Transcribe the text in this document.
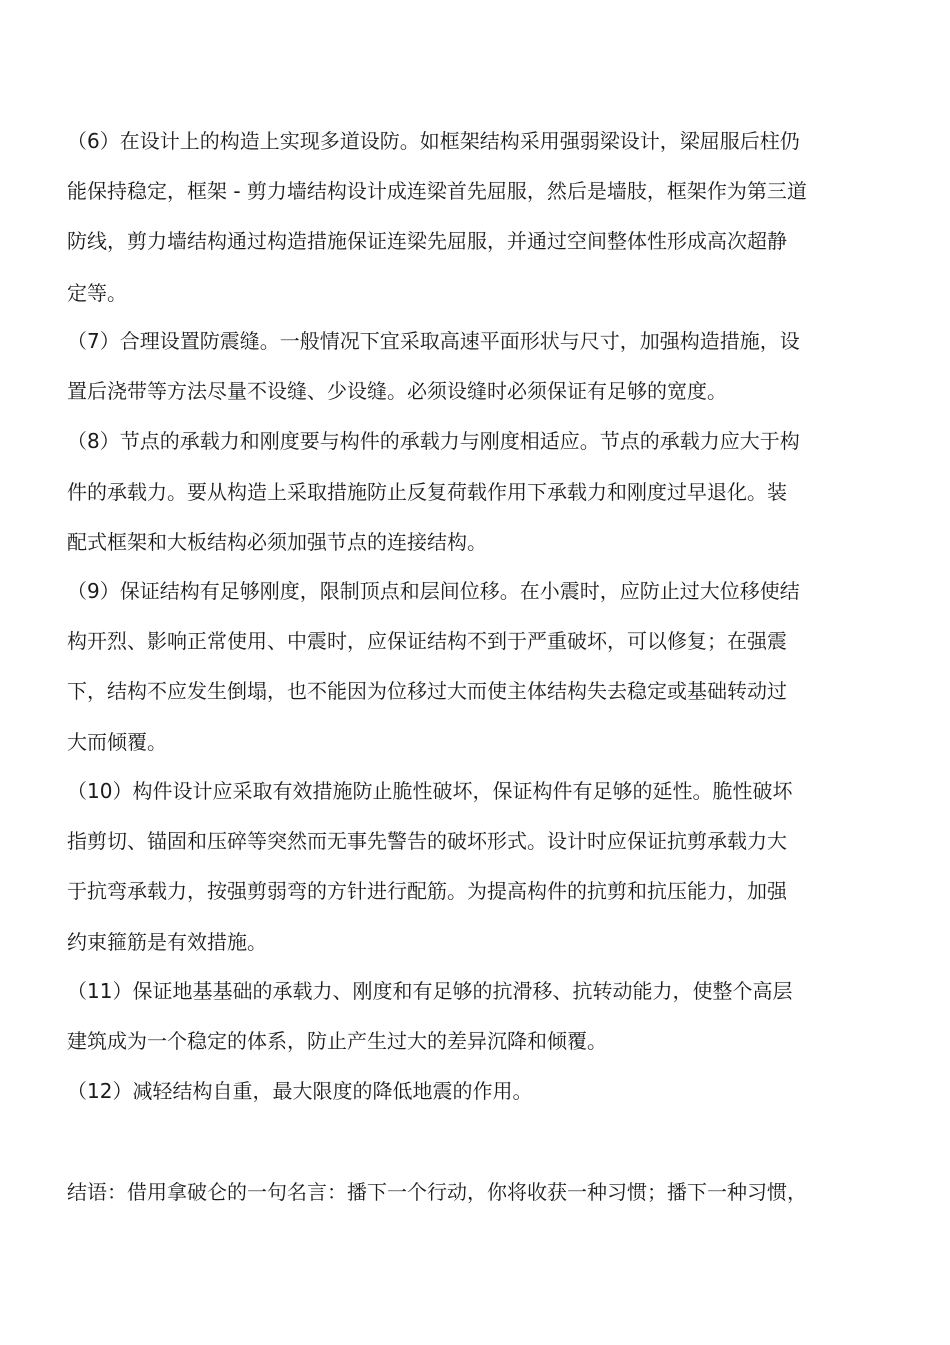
（6）在设计上的构造上实现多道设防。如框架结构采用强弱梁设计，梁屈服后柱仍
能保持稳定，框架 - 剪力墙结构设计成连梁首先屈服，然后是墙肢，框架作为第三道
防线，剪力墙结构通过构造措施保证连梁先屈服，并通过空间整体性形成高次超静
定等。
（7）合理设置防震缝。一般情况下宜采取高速平面形状与尺寸，加强构造措施，设
置后浇带等方法尽量不设缝、少设缝。必须设缝时必须保证有足够的宽度。
（8）节点的承载力和刚度要与构件的承载力与刚度相适应。节点的承载力应大于构
件的承载力。要从构造上采取措施防止反复荷载作用下承载力和刚度过早退化。装
配式框架和大板结构必须加强节点的连接结构。
（9）保证结构有足够刚度，限制顶点和层间位移。在小震时，应防止过大位移使结
构开烈、影响正常使用、中震时，应保证结构不到于严重破坏，可以修复；在强震
下，结构不应发生倒塌，也不能因为位移过大而使主体结构失去稳定或基础转动过
大而倾覆。
（10）构件设计应采取有效措施防止脆性破坏，保证构件有足够的延性。脆性破坏
指剪切、锚固和压碎等突然而无事先警告的破坏形式。设计时应保证抗剪承载力大
于抗弯承载力，按强剪弱弯的方针进行配筋。为提高构件的抗剪和抗压能力，加强
约束箍筋是有效措施。
（11）保证地基基础的承载力、刚度和有足够的抗滑移、抗转动能力，使整个高层
建筑成为一个稳定的体系，防止产生过大的差异沉降和倾覆。
（12）减轻结构自重，最大限度的降低地震的作用。
结语：借用拿破仑的一句名言：播下一个行动，你将收获一种习惯；播下一种习惯，
